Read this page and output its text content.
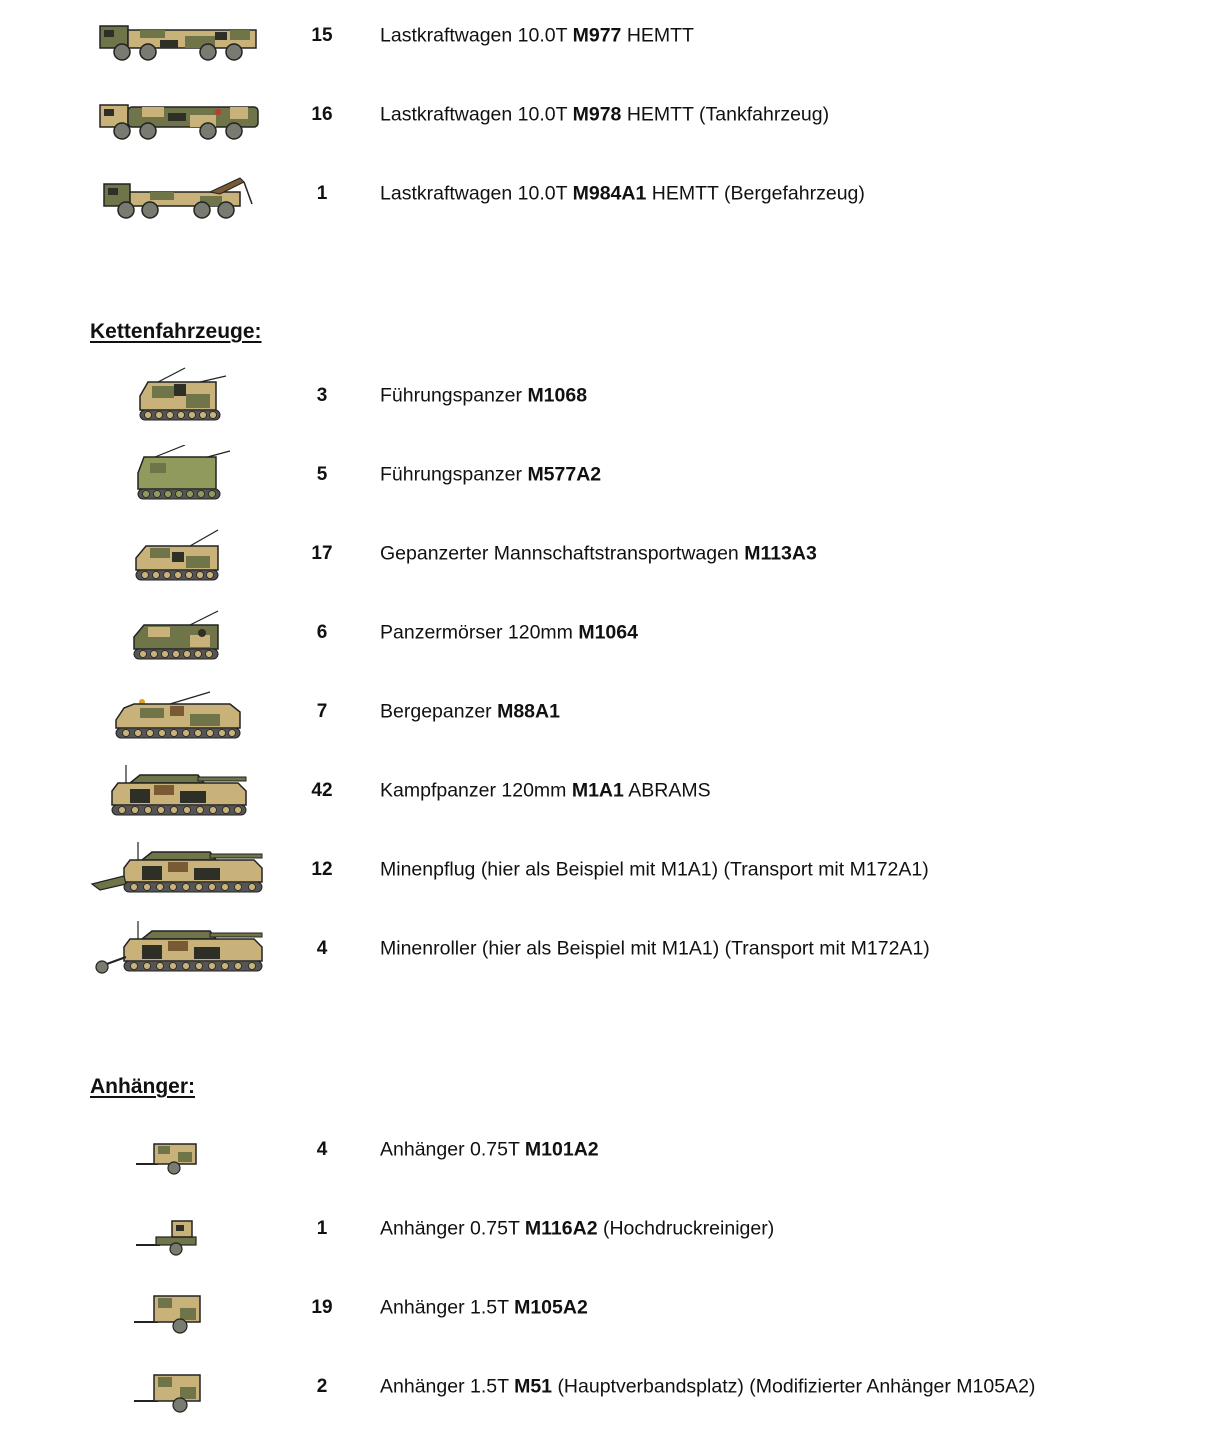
15	Lastkraftwagen 10.0T M977 HEMTT
16	Lastkraftwagen 10.0T M978 HEMTT (Tankfahrzeug)
1	Lastkraftwagen 10.0T M984A1 HEMTT (Bergefahrzeug)
Kettenfahrzeuge:
3	Führungspanzer M1068
5	Führungspanzer M577A2
17	Gepanzerter Mannschaftstransportwagen M113A3
6	Panzermörser 120mm M1064
7	Bergepanzer M88A1
42	Kampfpanzer 120mm M1A1 ABRAMS
12	Minenpflug (hier als Beispiel mit M1A1) (Transport mit M172A1)
4	Minenroller (hier als Beispiel mit M1A1) (Transport mit M172A1)
Anhänger:
4	Anhänger 0.75T M101A2
1	Anhänger 0.75T M116A2 (Hochdruckreiniger)
19	Anhänger 1.5T M105A2
2	Anhänger 1.5T M51 (Hauptverbandsplatz) (Modifizierter Anhänger M105A2)
